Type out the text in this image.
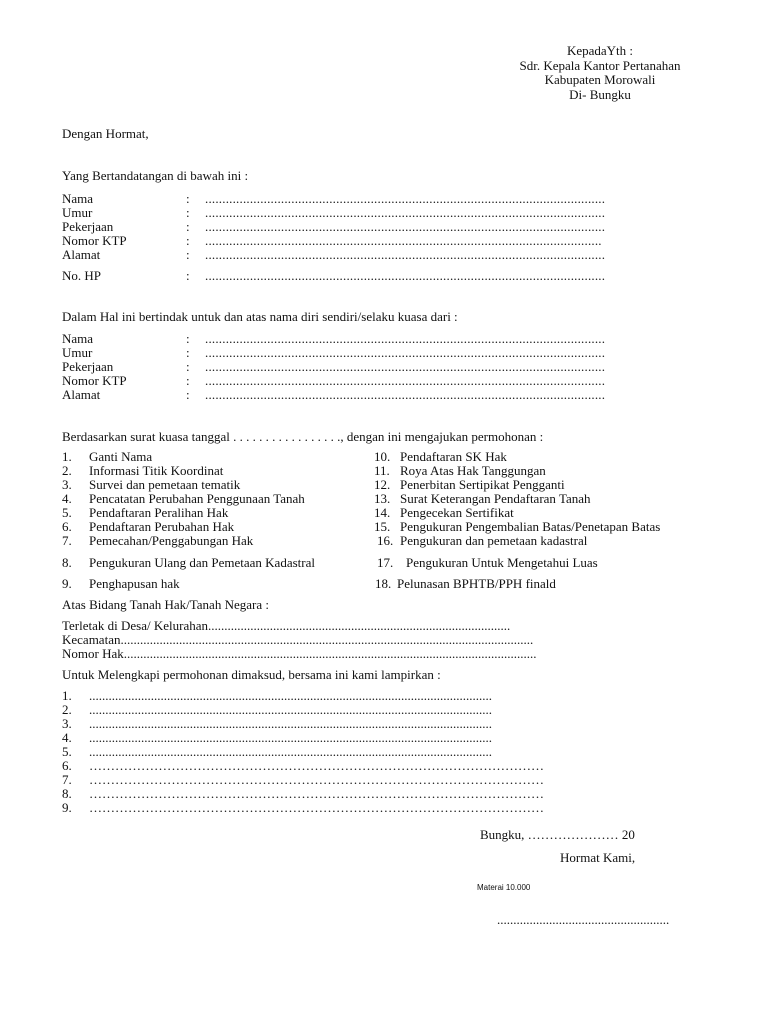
KepadaYth :
Sdr. Kepala Kantor Pertanahan
Kabupaten Morowali
Di- Bungku
Dengan Hormat,
Yang Bertandatangan di bawah ini :
Nama	: ....................................................................................................................
Umur	: ....................................................................................................................
Pekerjaan	: ....................................................................................................................
Nomor KTP	: ...................................................................................................................
Alamat	: ....................................................................................................................
No. HP	: ....................................................................................................................
Dalam Hal ini bertindak untuk dan atas nama diri sendiri/selaku kuasa dari :
Nama	: ....................................................................................................................
Umur	: ....................................................................................................................
Pekerjaan	: ....................................................................................................................
Nomor KTP	: ....................................................................................................................
Alamat	: ....................................................................................................................
Berdasarkan surat kuasa tanggal . . . . . . . . . . . . . . . . ., dengan ini mengajukan permohonan :
1. Ganti Nama	10. Pendaftaran SK Hak
2. Informasi Titik Koordinat	11. Roya Atas Hak Tanggungan
3. Survei dan pemetaan tematik	12. Penerbitan Sertipikat Pengganti
4. Pencatatan Perubahan Penggunaan Tanah	13. Surat Keterangan Pendaftaran Tanah
5. Pendaftaran Peralihan Hak	14. Pengecekan Sertifikat
6. Pendaftaran Perubahan Hak	15. Pengukuran Pengembalian Batas/Penetapan Batas
7. Pemecahan/Penggabungan Hak	16. Pengukuran dan pemetaan kadastral
8. Pengukuran Ulang dan Pemetaan Kadastral	17. Pengukuran Untuk Mengetahui Luas
9. Penghapusan hak	18. Pelunasan BPHTB/PPH finald
Atas Bidang Tanah Hak/Tanah Negara :
Terletak di Desa/ Kelurahan.............................................................................................
Kecamatan...............................................................................................................................
Nomor Hak...............................................................................................................................
Untuk Melengkapi permohonan dimaksud, bersama ini kami lampirkan :
1. ............................................................................................................................
2. ............................................................................................................................
3. ............................................................................................................................
4. ............................................................................................................................
5. ............................................................................................................................
6. ……………………………………………………………………………………………
7. ……………………………………………………………………………………………
8. ……………………………………………………………………………………………
9. ……………………………………………………………………………………………
Bungku, ………………… 20
Hormat Kami,
Materai 10.000
.....................................................
